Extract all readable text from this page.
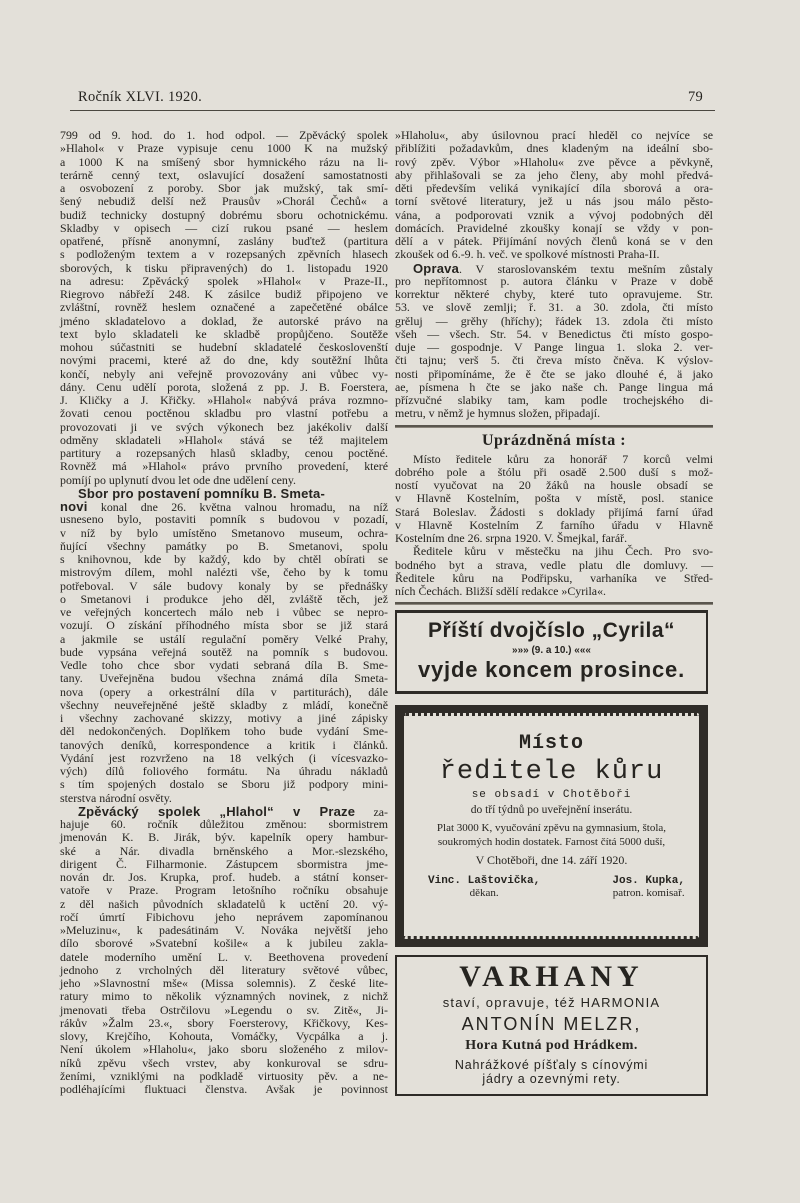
Ročník XLVI. 1920.	79
799 od 9. hod. do 1. hod odpol. — Zpěvácký spolek
»Hlahol« v Praze vypisuje cenu 1000 K na mužský
a 1000 K na smíšený sbor hymnického rázu na li-
terárně cenný text, oslavující dosažení samostatnosti
a osvobození z poroby. Sbor jak mužský, tak smí-
šený nebudiž delší než Prausův »Chorál Čechů« a
budiž technicky dostupný dobrému sboru ochotnickému.
Skladby v opisech — cizí rukou psané — heslem
opatřené, přísně anonymní, zaslány buďtež (partitura
s podloženým textem a v rozepsaných zpěvních hlasech
sborových, k tisku připravených) do 1. listopadu 1920
na adresu: Zpěvácký spolek »Hlahol« v Praze-II.,
Riegrovo nábřeží 248. K zásilce budiž připojeno ve
zvláštní, rovněž heslem označené a zapečetěné obálce
jméno skladatelovo a doklad, že autorské právo na
text bylo skladateli ke skladbě propůjčeno. Soutěže
mohou súčastniti se hudební skladatelé českoslovenští
novými pracemi, které až do dne, kdy soutěžní lhůta
končí, nebyly ani veřejně provozovány ani vůbec vy-
dány. Cenu udělí porota, složená z pp. J. B. Foerstera,
J. Kličky a J. Křičky. »Hlahol« nabývá práva rozmno-
žovati cenou poctěnou skladbu pro vlastní potřebu a
provozovati ji ve svých výkonech bez jakékoliv další
odměny skladateli »Hlahol« stává se též majitelem
partitury a rozepsaných hlasů skladby, cenou poctěné.
Rovněž má »Hlahol« právo prvního provedení, které
pomíjí po uplynutí dvou let ode dne udělení ceny.
Sbor pro postavení pomníku B. Smeta-
novi konal dne 26. května valnou hromadu, na níž
usneseno bylo, postaviti pomník s budovou v pozadí,
v níž by bylo umístěno Smetanovo museum, ochra-
ňující všechny památky po B. Smetanovi, spolu
s knihovnou, kde by každý, kdo by chtěl obírati se
mistrovým dílem, mohl nalézti vše, čeho by k tomu
potřeboval. V sále budovy konaly by se přednášky
o Smetanovi i produkce jeho děl, zvláště těch, jež
ve veřejných koncertech málo neb i vůbec se nepro-
vozují. O získání příhodného místa sbor se již stará
a jakmile se ustálí regulační poměry Velké Prahy,
bude vypsána veřejná soutěž na pomník s budovou.
Vedle toho chce sbor vydati sebraná díla B. Sme-
tany. Uveřejněna budou všechna známá díla Smeta-
nova (opery a orkestrální díla v partiturách), dále
všechny neuveřejněné ještě skladby z mládí, konečně
i všechny zachované skizzy, motivy a jiné zápisky
děl nedokončených. Doplňkem toho bude vydání Sme-
tanových deníků, korrespondence a kritik i článků.
Vydání jest rozvrženo na 18 velkých (i vícesvazko-
vých) dílů foliového formátu. Na úhradu nákladů
s tím spojených dostalo se Sboru již podpory mini-
sterstva národní osvěty.
Zpěvácký spolek „Hlahol“ v Praze za-
hajuje 60. ročník důležitou změnou: sbormistrem
jmenován K. B. Jirák, býv. kapelník opery hambur-
ské a Nár. divadla brněnského a Mor.-slezského,
dirigent Č. Filharmonie. Zástupcem sbormistra jme-
nován dr. Jos. Krupka, prof. hudeb. a státní konser-
vatoře v Praze. Program letošního ročníku obsahuje
z děl našich původních skladatelů k uctění 20. vý-
ročí úmrtí Fibichovu jeho neprávem zapomínanou
»Meluzinu«, k padesátinám V. Nováka největší jeho
dílo sborové »Svatební košile« a k jubileu zakla-
datele moderního umění L. v. Beethovena provedení
jednoho z vrcholných děl literatury světové vůbec,
jeho »Slavnostní mše« (Missa solemnis). Z české lite-
ratury mimo to několik významných novinek, z nichž
jmenovati třeba Ostrčilovu »Legendu o sv. Zitě«, Ji-
rákův »Žalm 23.«, sbory Foersterovy, Křičkovy, Kes-
slovy, Krejčího, Kohouta, Vomáčky, Vycpálka a j.
Není úkolem »Hlaholu«, jako sboru složeného z milov-
níků zpěvu všech vrstev, aby konkuroval se sdru-
ženími, vzniklými na podkladě virtuosity pěv. a ne-
podléhajícími fluktuaci členstva. Avšak je povinnost
»Hlaholu«, aby úsilovnou prací hleděl co nejvíce se
přiblížiti požadavkům, dnes kladeným na ideální sbo-
rový zpěv. Výbor »Hlaholu« zve pěvce a pěvkyně,
aby přihlašovali se za jeho členy, aby mohl předvá-
děti především veliká vynikající díla sborová a ora-
torní světové literatury, jež u nás jsou málo pěsto-
vána, a podporovati vznik a vývoj podobných děl
domácích. Pravidelné zkoušky konají se vždy v pon-
dělí a v pátek. Přijímání nových členů koná se v den
zkoušek od 6.-9. h. več. ve spolkové místnosti Praha-II.
Oprava. V staroslovanském textu mešním zůstaly
pro nepřítomnost p. autora článku v Praze v době
korrektur některé chyby, které tuto opravujeme. Str.
53. ve slově zemlji; ř. 31. a 30. zdola, čti místo
grěluj — grěhy (hříchy); řádek 13. zdola čti místo
všeh — všech. Str. 54. v Benedictus čti místo gospo-
duje — gospodnje. V Pange lingua 1. sloka 2. ver-
čti tajnu; verš 5. čti čreva místo čněva. K výslov-
nosti připomínáme, že ě čte se jako dlouhé é, ä jako
ae, písmena h čte se jako naše ch. Pange lingua má
přízvučné slabiky tam, kam podle trochejského di-
metru, v němž je hymnus složen, připadají.
Uprázdněná místa :
Místo ředitele kůru za honorář 7 korců velmi
dobrého pole a štólu při osadě 2.500 duší s mož-
ností vyučovat na 20 žáků na housle obsadí se
v Hlavně Kostelním, pošta v místě, posl. stanice
Stará Boleslav. Žádosti s doklady přijímá farní úřad
v Hlavně Kostelním Z farního úřadu v Hlavně
Kostelním dne 26. srpna 1920. V. Šmejkal, farář.
Ředitele kůru v městečku na jihu Čech. Pro svo-
bodného byt a strava, vedle platu dle domluvy. —
Ředitele kůru na Podřipsku, varhaníka ve Střed-
ních Čechách. Bližší sdělí redakce »Cyrila«.
Příští dvojčíslo „Cyrila“
»»» (9. a 10.) «««
vyjde koncem prosince.
Místo
ředitele kůru
se obsadí v Chotěboři
do tří týdnů po uveřejnění inserátu.
Plat 3000 K, vyučování zpěvu na gymnasium, štola, soukromých hodin dostatek. Farnost čítá 5000 duší,
V Chotěboři, dne 14. září 1920.
Vinc. Laštovička,
děkan.
Jos. Kupka,
patron. komisař.
VARHANY
staví, opravuje, též HARMONIA
ANTONÍN MELZR,
Hora Kutná pod Hrádkem.
Nahrážkové píšťaly s cínovými
jádry a ozevnými rety.
